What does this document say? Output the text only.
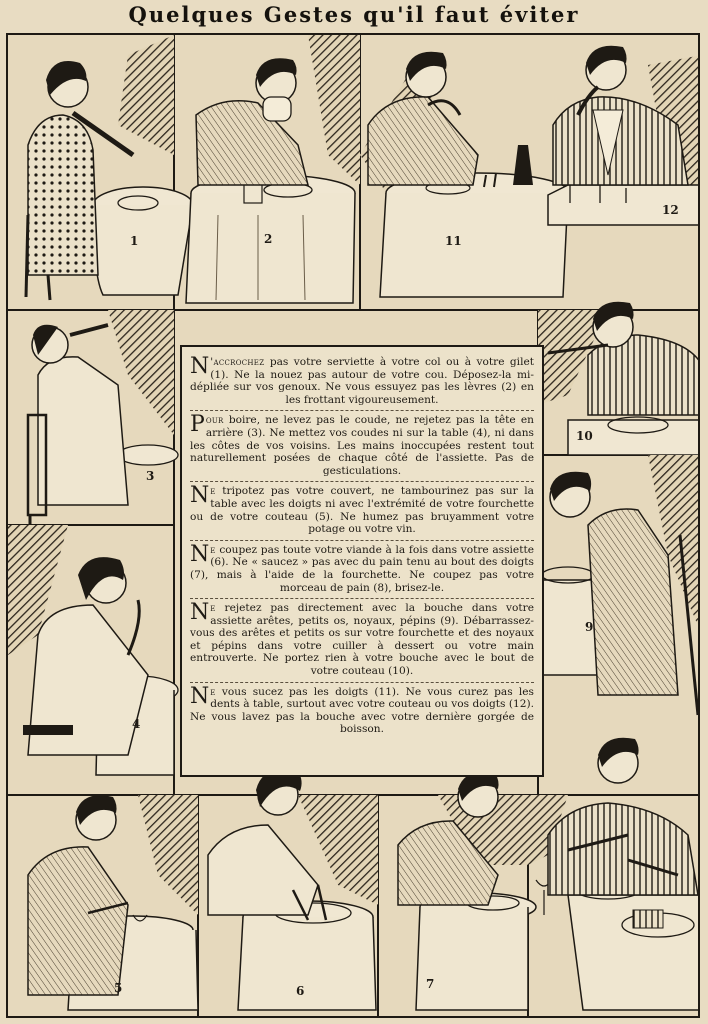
Quelques Gestes qu'il faut éviter
1	2
3
4
5	6	7
9
10
11
12

N 'accrochez pas votre serviette à votre col ou à votre gilet (1). Ne la nouez pas autour de votre cou. Déposez-la mi-dépliée sur vos genoux. Ne vous essuyez pas les lèvres (2) en les frottant vigoureusement.

Pour boire, ne levez pas le coude, ne rejetez pas la tête en arrière (3). Ne mettez vos coudes ni sur la table (4), ni dans les côtes de vos voisins. Les mains inoccupées restent tout naturellement posées de chaque côté de l'assiette. Pas de gesticulations.

Ne tripotez pas votre couvert, ne tambourinez pas sur la table avec les doigts ni avec l'extrémité de votre fourchette ou de votre couteau (5). Ne humez pas bruyamment votre potage ou votre vin.

Ne coupez pas toute votre viande à la fois dans votre assiette (6). Ne « saucez » pas avec du pain tenu au bout des doigts (7), mais à l'aide de la fourchette. Ne coupez pas votre morceau de pain (8), brisez-le.

Ne rejetez pas directement avec la bouche dans votre assiette arêtes, petits os, noyaux, pépins (9). Débarrassez-vous des arêtes et petits os sur votre fourchette et des noyaux et pépins dans votre cuiller à dessert ou votre main entrouverte. Ne portez rien à votre bouche avec le bout de votre couteau (10).

Ne vous sucez pas les doigts (11). Ne vous curez pas les dents à table, surtout avec votre couteau ou vos doigts (12). Ne vous lavez pas la bouche avec votre dernière gorgée de boisson.
